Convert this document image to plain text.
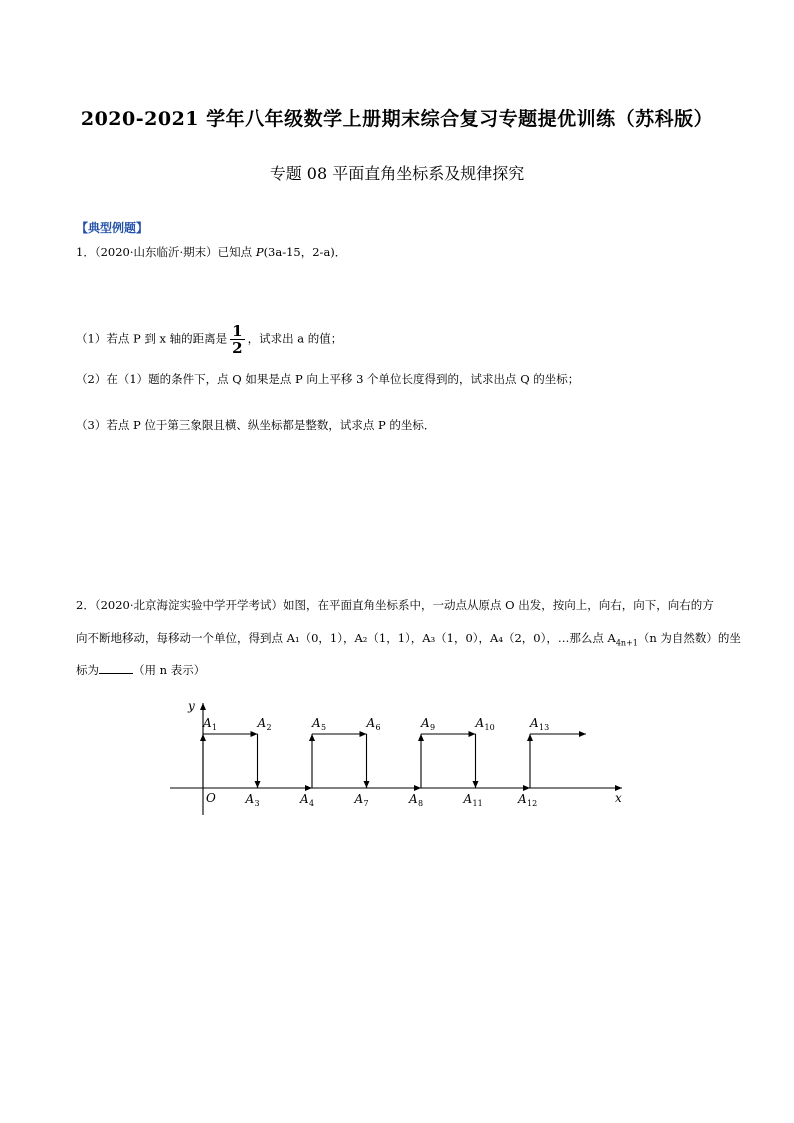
2020-2021 学年八年级数学上册期末综合复习专题提优训练（苏科版）
专题 08 平面直角坐标系及规律探究
【典型例题】
1．（2020·山东临沂·期末）已知点 P(3a-15，2-a)．
（1）若点 P 到 x 轴的距离是 $\frac{1}{2}$ ，试求出 a 的值；
（2）在（1）题的条件下，点 Q 如果是点 P 向上平移 3 个单位长度得到的，试求出点 Q 的坐标；
（3）若点 P 位于第三象限且横、纵坐标都是整数，试求点 P 的坐标．
2．（2020·北京海淀实验中学开学考试）如图，在平面直角坐标系中，一动点从原点 O 出发，按向上，向右，向下，向右的方
向不断地移动，每移动一个单位，得到点 A₁（0，1），A₂（1，1），A₃（1，0），A₄（2，0），…那么点 $A_{4n+1}(n$ 为自然数）的坐
标为	（用 n 表示）
x
y
O
A 1	A 2
A 3	A 4
A 5	A 6
A 7	A 8
A 9	A 10
A 11	A 12
A 13
